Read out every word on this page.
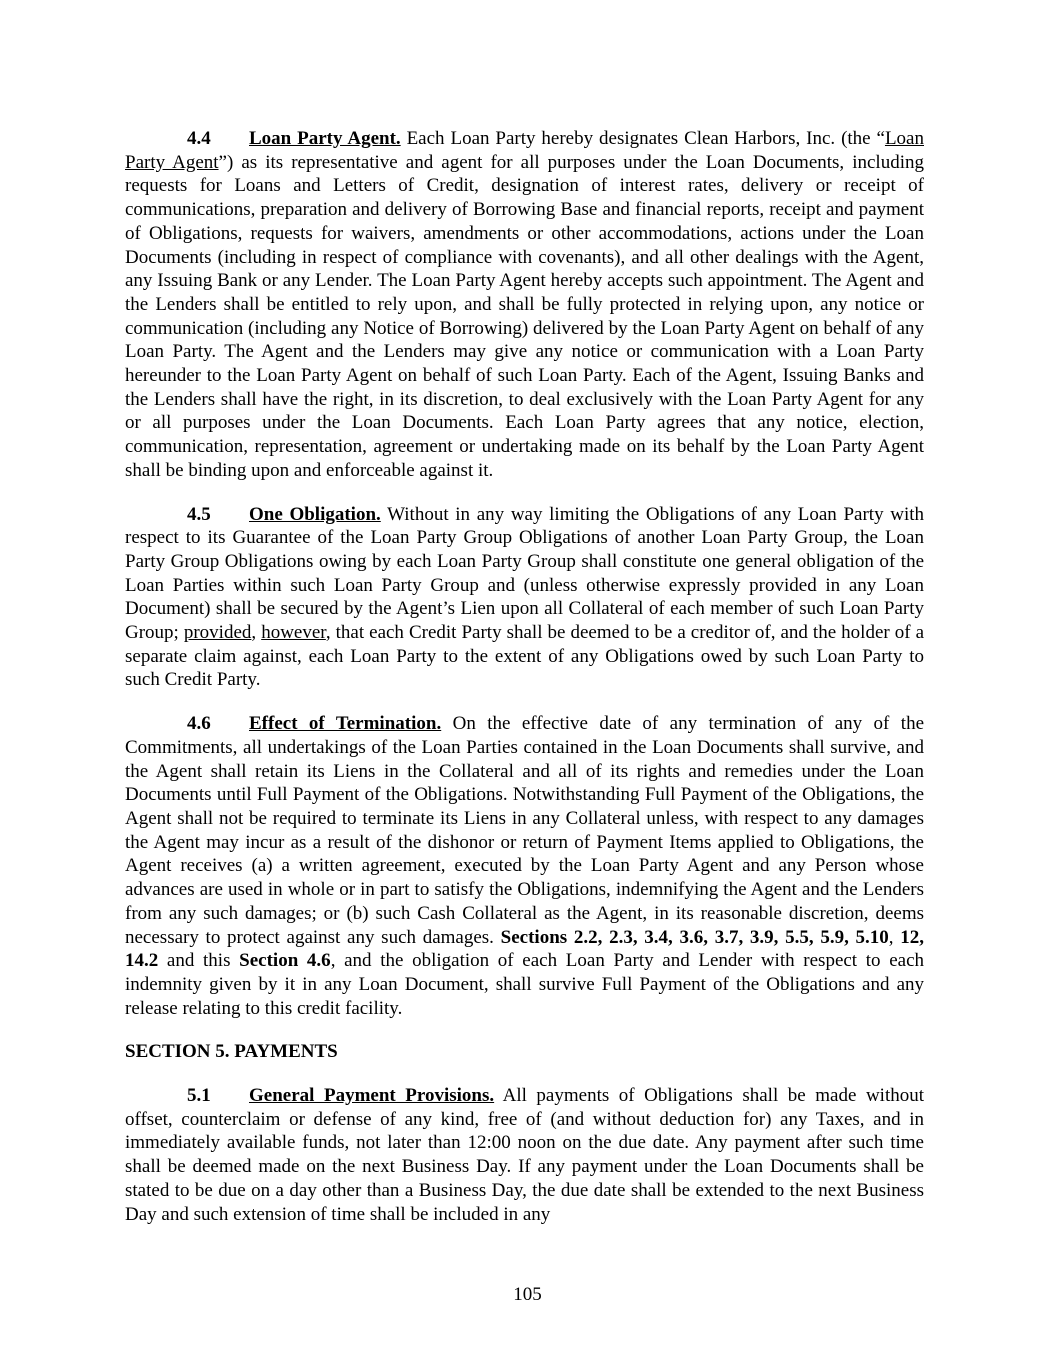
4.4 Loan Party Agent. Each Loan Party hereby designates Clean Harbors, Inc. (the “Loan Party Agent”) as its representative and agent for all purposes under the Loan Documents, including requests for Loans and Letters of Credit, designation of interest rates, delivery or receipt of communications, preparation and delivery of Borrowing Base and financial reports, receipt and payment of Obligations, requests for waivers, amendments or other accommodations, actions under the Loan Documents (including in respect of compliance with covenants), and all other dealings with the Agent, any Issuing Bank or any Lender. The Loan Party Agent hereby accepts such appointment. The Agent and the Lenders shall be entitled to rely upon, and shall be fully protected in relying upon, any notice or communication (including any Notice of Borrowing) delivered by the Loan Party Agent on behalf of any Loan Party. The Agent and the Lenders may give any notice or communication with a Loan Party hereunder to the Loan Party Agent on behalf of such Loan Party. Each of the Agent, Issuing Banks and the Lenders shall have the right, in its discretion, to deal exclusively with the Loan Party Agent for any or all purposes under the Loan Documents. Each Loan Party agrees that any notice, election, communication, representation, agreement or undertaking made on its behalf by the Loan Party Agent shall be binding upon and enforceable against it.

4.5 One Obligation. Without in any way limiting the Obligations of any Loan Party with respect to its Guarantee of the Loan Party Group Obligations of another Loan Party Group, the Loan Party Group Obligations owing by each Loan Party Group shall constitute one general obligation of the Loan Parties within such Loan Party Group and (unless otherwise expressly provided in any Loan Document) shall be secured by the Agent’s Lien upon all Collateral of each member of such Loan Party Group; provided, however, that each Credit Party shall be deemed to be a creditor of, and the holder of a separate claim against, each Loan Party to the extent of any Obligations owed by such Loan Party to such Credit Party.

4.6 Effect of Termination. On the effective date of any termination of any of the Commitments, all undertakings of the Loan Parties contained in the Loan Documents shall survive, and the Agent shall retain its Liens in the Collateral and all of its rights and remedies under the Loan Documents until Full Payment of the Obligations. Notwithstanding Full Payment of the Obligations, the Agent shall not be required to terminate its Liens in any Collateral unless, with respect to any damages the Agent may incur as a result of the dishonor or return of Payment Items applied to Obligations, the Agent receives (a) a written agreement, executed by the Loan Party Agent and any Person whose advances are used in whole or in part to satisfy the Obligations, indemnifying the Agent and the Lenders from any such damages; or (b) such Cash Collateral as the Agent, in its reasonable discretion, deems necessary to protect against any such damages. Sections 2.2, 2.3, 3.4, 3.6, 3.7, 3.9, 5.5, 5.9, 5.10, 12, 14.2 and this Section 4.6, and the obligation of each Loan Party and Lender with respect to each indemnity given by it in any Loan Document, shall survive Full Payment of the Obligations and any release relating to this credit facility.

SECTION 5. PAYMENTS

5.1 General Payment Provisions. All payments of Obligations shall be made without offset, counterclaim or defense of any kind, free of (and without deduction for) any Taxes, and in immediately available funds, not later than 12:00 noon on the due date. Any payment after such time shall be deemed made on the next Business Day. If any payment under the Loan Documents shall be stated to be due on a day other than a Business Day, the due date shall be extended to the next Business Day and such extension of time shall be included in any

105
